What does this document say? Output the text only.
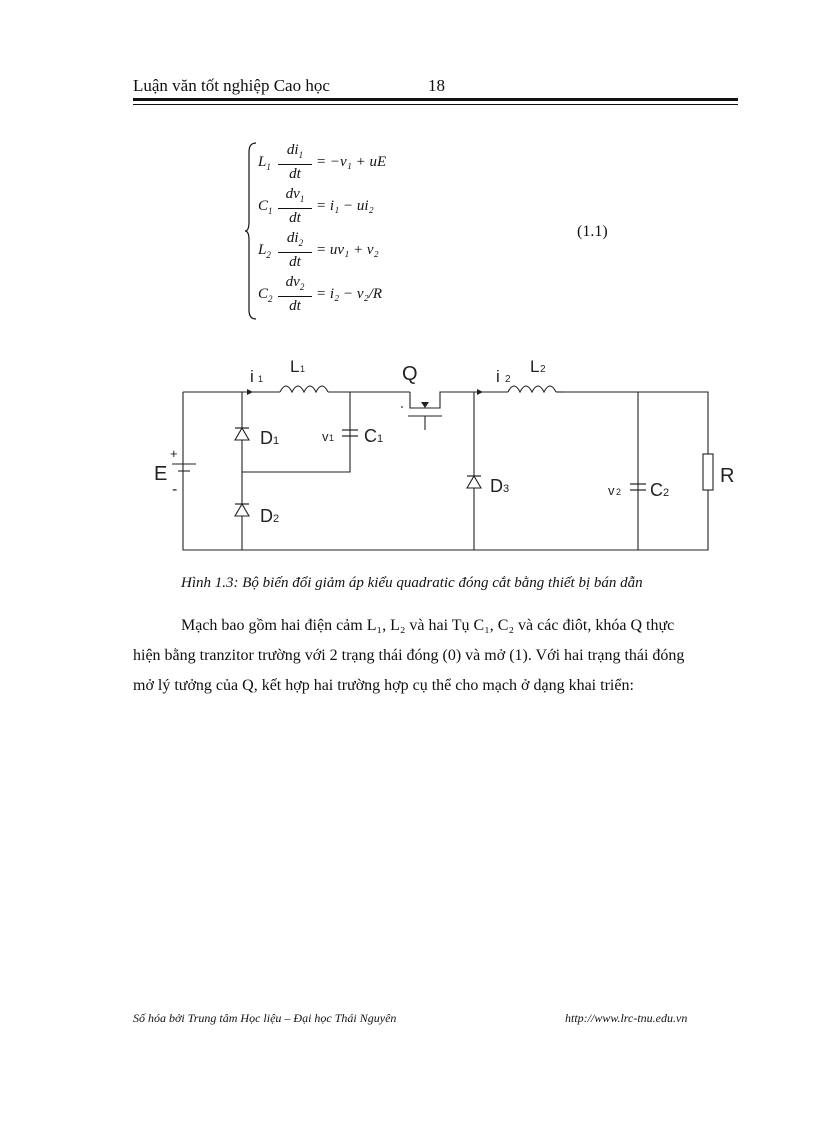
Luận văn tốt nghiệp Cao học	18
$L_1$
$di_1$
dt
= −v₁ + uE
$C_1$
$dv_1$
dt
= i₁ − ui₂
$L_2$
$di_2$
dt
= uv₁ + v₂
$C_2$
$dv_2$
dt
= i₂ − v₂/R
(1.1)
E
+
-
i 1
L 1	Q	i 2
L 2
D 1
D 2
D 3
v 1 C 1
v 2 C 2
R
Hình 1.3: Bộ biến đổi giảm áp kiểu quadratic đóng cắt bằng thiết bị bán dẫn
Mạch bao gồm hai điện cảm L₁, L₂ và hai Tụ C₁, C₂ và các điôt, khóa Q thực
hiện bằng tranzitor trường với 2 trạng thái đóng (0) và mở (1). Với hai trạng thái đóng
mở lý tưởng của Q, kết hợp hai trường hợp cụ thể cho mạch ở dạng khai triển:
Số hóa bởi Trung tâm Học liệu – Đại học Thái Nguyên	http://www.lrc-tnu.edu.vn
